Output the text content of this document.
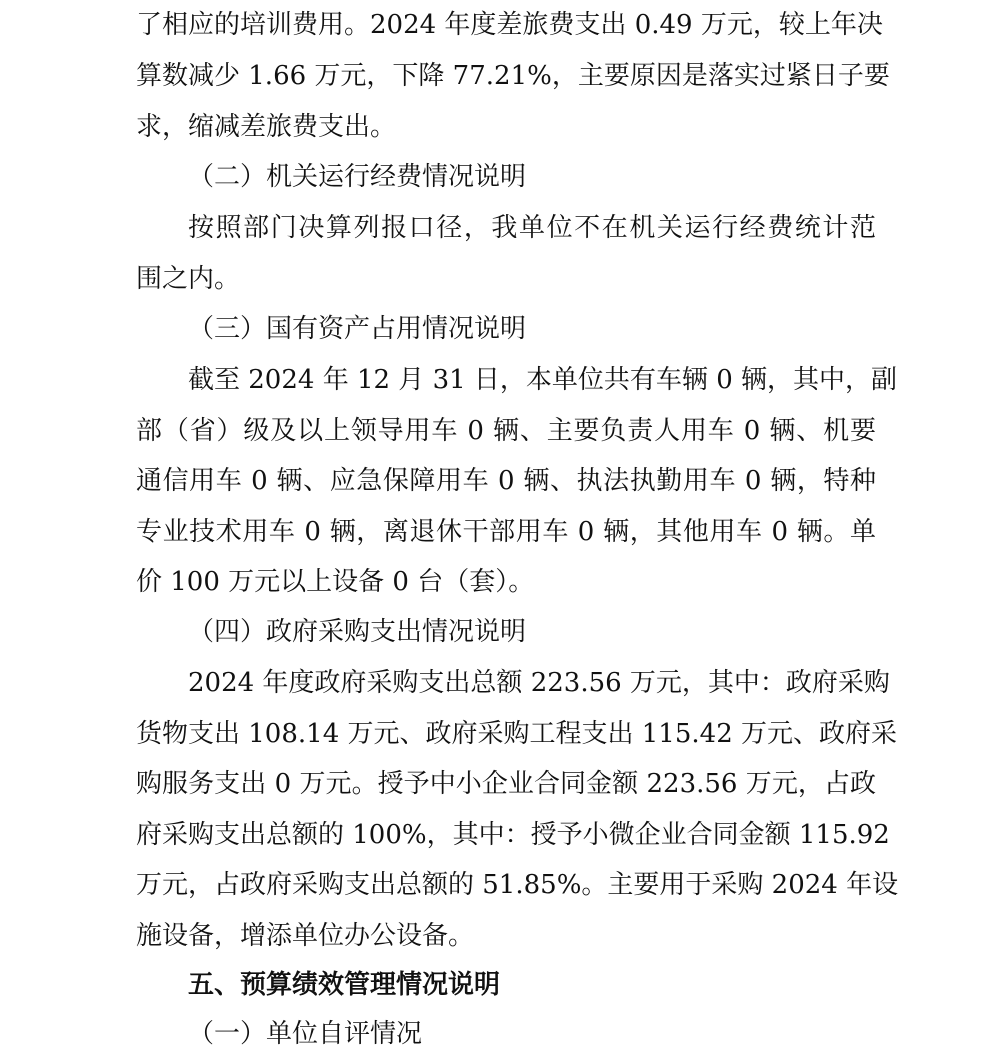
了相应的培训费用。2024 年度差旅费支出 0.49 万元，较上年决
算数减少 1.66 万元，下降 77.21%，主要原因是落实过紧日子要
求，缩减差旅费支出。
（二）机关运行经费情况说明
按照部门决算列报口径，我单位不在机关运行经费统计范
围之内。
（三）国有资产占用情况说明
截至 2024 年 12 月 31 日，本单位共有车辆 0 辆，其中，副
部（省）级及以上领导用车 0 辆、主要负责人用车 0 辆、机要
通信用车 0 辆、应急保障用车 0 辆、执法执勤用车 0 辆，特种
专业技术用车 0 辆，离退休干部用车 0 辆，其他用车 0 辆。单
价 100 万元以上设备 0 台（套）。
（四）政府采购支出情况说明
2024 年度政府采购支出总额 223.56 万元，其中：政府采购
货物支出 108.14 万元、政府采购工程支出 115.42 万元、政府采
购服务支出 0 万元。授予中小企业合同金额 223.56 万元，占政
府采购支出总额的 100%，其中：授予小微企业合同金额 115.92
万元，占政府采购支出总额的 51.85%。主要用于采购 2024 年设
施设备，增添单位办公设备。
五、预算绩效管理情况说明
（一）单位自评情况
